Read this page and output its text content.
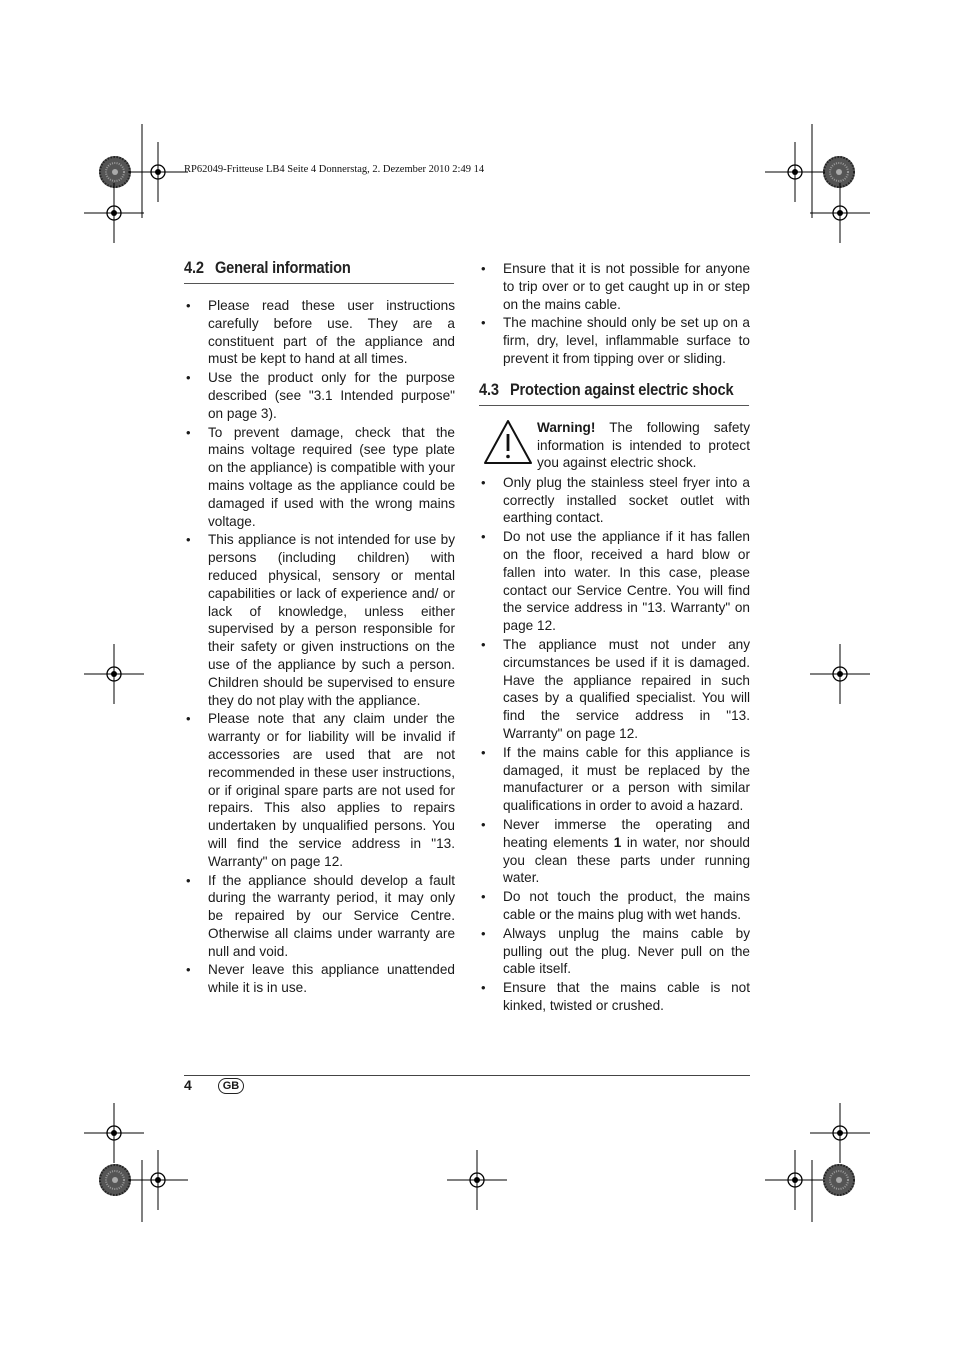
RP62049-Fritteuse LB4 Seite 4 Donnerstag, 2. Dezember 2010 2:49 14
4.2 General information
• Please read these user instructions carefully before use. They are a constituent part of the appliance and must be kept to hand at all times.
• Use the product only for the purpose described (see "3.1 Intended purpose" on page 3).
• To prevent damage, check that the mains voltage required (see type plate on the appliance) is compatible with your mains voltage as the appliance could be damaged if used with the wrong mains voltage.
• This appliance is not intended for use by persons (including children) with reduced physical, sensory or mental capabilities or lack of experience and/ or lack of knowledge, unless either supervised by a person responsible for their safety or given instructions on the use of the appliance by such a person. Children should be supervised to ensure they do not play with the appliance.
• Please note that any claim under the warranty or for liability will be invalid if accessories are used that are not recommended in these user instructions, or if original spare parts are not used for repairs. This also applies to repairs undertaken by unqualified persons. You will find the service address in "13. Warranty" on page 12.
• If the appliance should develop a fault during the warranty period, it may only be repaired by our Service Centre. Otherwise all claims under warranty are null and void.
• Never leave this appliance unattended while it is in use.
• Ensure that it is not possible for anyone to trip over or to get caught up in or step on the mains cable.
• The machine should only be set up on a firm, dry, level, inflammable surface to prevent it from tipping over or sliding.
4.3 Protection against electric shock

Warning! The following safety information is intended to protect you against electric shock.

• Only plug the stainless steel fryer into a correctly installed socket outlet with earthing contact.
• Do not use the appliance if it has fallen on the floor, received a hard blow or fallen into water. In this case, please contact our Service Centre. You will find the service address in "13. Warranty" on page 12.
• The appliance must not under any circumstances be used if it is damaged. Have the appliance repaired in such cases by a qualified specialist. You will find the service address in "13. Warranty" on page 12.
• If the mains cable for this appliance is damaged, it must be replaced by the manufacturer or a person with similar qualifications in order to avoid a hazard.
• Never immerse the operating and heating elements 1 in water, nor should you clean these parts under running water.
• Do not touch the product, the mains cable or the mains plug with wet hands.
• Always unplug the mains cable by pulling out the plug. Never pull on the cable itself.
• Ensure that the mains cable is not kinked, twisted or crushed.
4	GB
